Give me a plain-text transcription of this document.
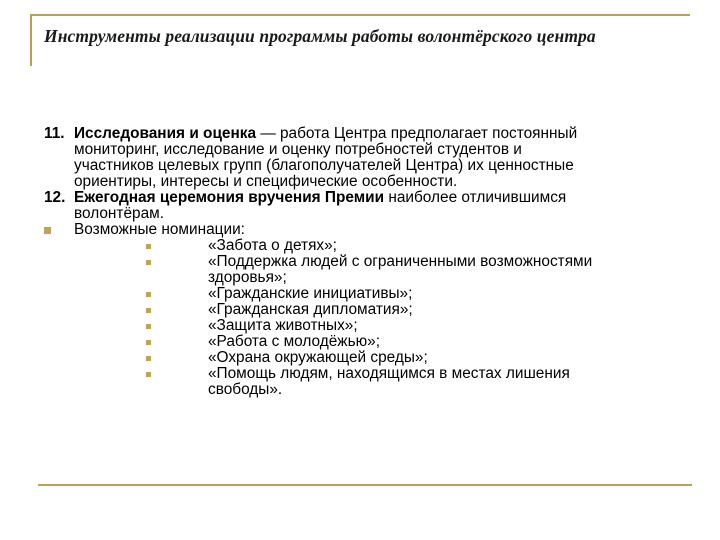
Инструменты реализации программы работы волонтёрского центра

11. Исследования и оценка — работа Центра предполагает постоянный
мониторинг, исследование и оценку потребностей студентов и
участников целевых групп (благополучателей Центра) их ценностные
ориентиры, интересы и специфические особенности.

12. Ежегодная церемония вручения Премии наиболее отличившимся
волонтёрам.

Возможные номинации:

«Забота о детях»;

«Поддержка людей с ограниченными возможностями
здоровья»;

«Гражданские инициативы»;

«Гражданская дипломатия»;

«Защита животных»;

«Работа с молодёжью»;

«Охрана окружающей среды»;

«Помощь людям, находящимся в местах лишения
свободы».
